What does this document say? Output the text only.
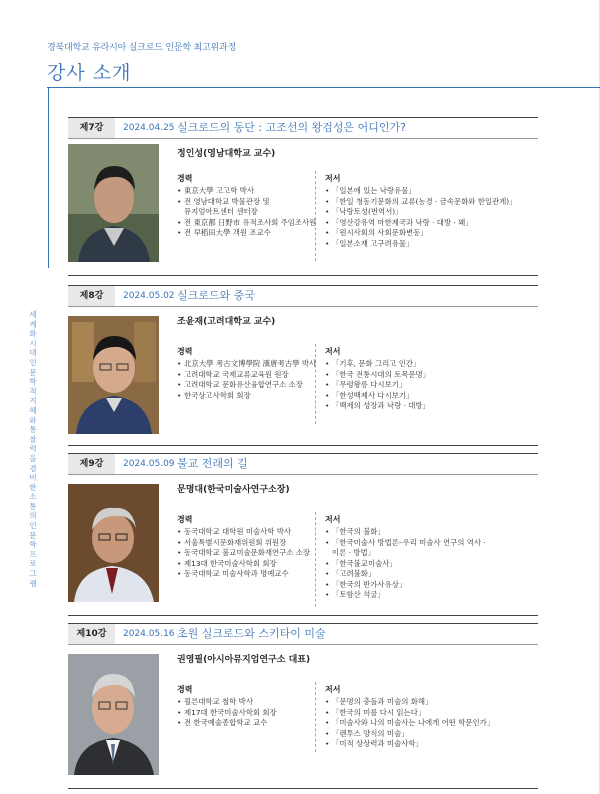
경북대학교 유라시아 실크로드 인문학 최고위과정
강사 소개
세계화 시대 인문학적 지혜와 통찰력을 겸비한 소통의 인문학 프로그램
제7강	2024.04.25 실크로드의 동단 : 고조선의 왕검성은 어디인가?
정인성(영남대학교 교수)
경력	저서
• 東京大學 고고학 박사
• 전 영남대학교 박물관장 및
뮤지엄아트센터 센터장
• 전 東京都 日野市 유적조사회 주임조사원
• 전 早稻田大學 객원 조교수
• 「일본에 있는 낙랑유물」
• 「한일 청동기문화의 교류(농경 · 금속문화와 한일관계)」
• 「낙랑토성(번역서)」
• 「영산강유역 마한제국과 낙랑 · 대방 · 왜」
• 「원시사회의 사회문화변동」
• 「일본소재 고구려유물」
제8강	2024.05.02 실크로드와 중국
조윤재(고려대학교 교수)
경력	저서
• 北京大學 考古文博學院 漢唐考古學 박사
• 고려대학교 국제교류교육원 원장
• 고려대학교 문화유산융합연구소 소장
• 한국상고사학회 회장
• 「기후, 문화 그리고 인간」
• 「한국 전통시대의 토목문명」
• 「무령왕릉 다시보기」
• 「한성백제사 다시보기」
• 「백제의 성장과 낙랑 · 대방」
제9강	2024.05.09 불교 전래의 길
문명대(한국미술사연구소장)
경력	저서
• 동국대학교 대학원 미술사학 박사
• 서울특별시문화재위원회 위원장
• 동국대학교 불교미술문화재연구소 소장
• 제13대 한국미술사학회 회장
• 동국대학교 미술사학과 명예교수
• 「한국의 불화」
• 「한국미술사 방법론–우리 미술사 연구의 역사 ·
이론 · 방법」
• 「한국불교미술사」
• 「고려불화」
• 「한국의 반가사유상」
• 「토함산 석굴」
제10강	2024.05.16 초원 실크로드와 스키타이 미술
권영필(아시아뮤지엄연구소 대표)
경력	저서
• 쾰른대학교 철학 박사
• 제17대 한국미술사학회 회장
• 전 한국예술종합학교 교수
• 「문명의 충돌과 미술의 화해」
• 「한국의 미를 다시 읽는다」
• 「미술사와 나의 미술사는 나에게 어떤 학문인가」
• 「렌투스 양식의 미술」
• 「미적 상상력과 미술사학」
